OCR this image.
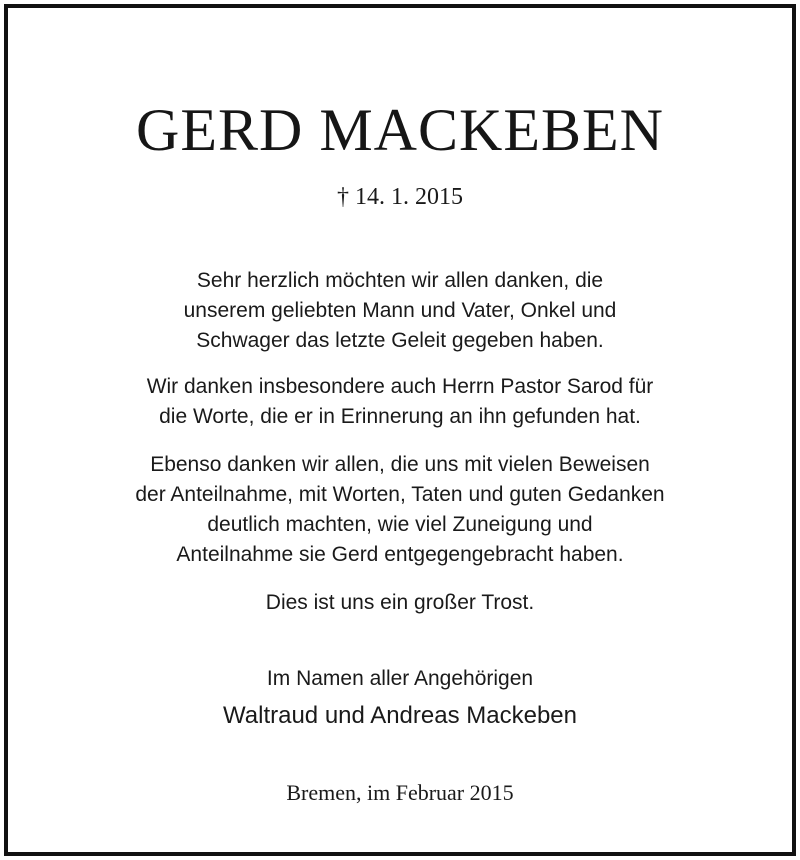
GERD MACKEBEN
† 14. 1. 2015
Sehr herzlich möchten wir allen danken, die
unserem geliebten Mann und Vater, Onkel und
Schwager das letzte Geleit gegeben haben.
Wir danken insbesondere auch Herrn Pastor Sarod für
die Worte, die er in Erinnerung an ihn gefunden hat.
Ebenso danken wir allen, die uns mit vielen Beweisen
der Anteilnahme, mit Worten, Taten und guten Gedanken
deutlich machten, wie viel Zuneigung und
Anteilnahme sie Gerd entgegengebracht haben.
Dies ist uns ein großer Trost.
Im Namen aller Angehörigen
Waltraud und Andreas Mackeben
Bremen, im Februar 2015
